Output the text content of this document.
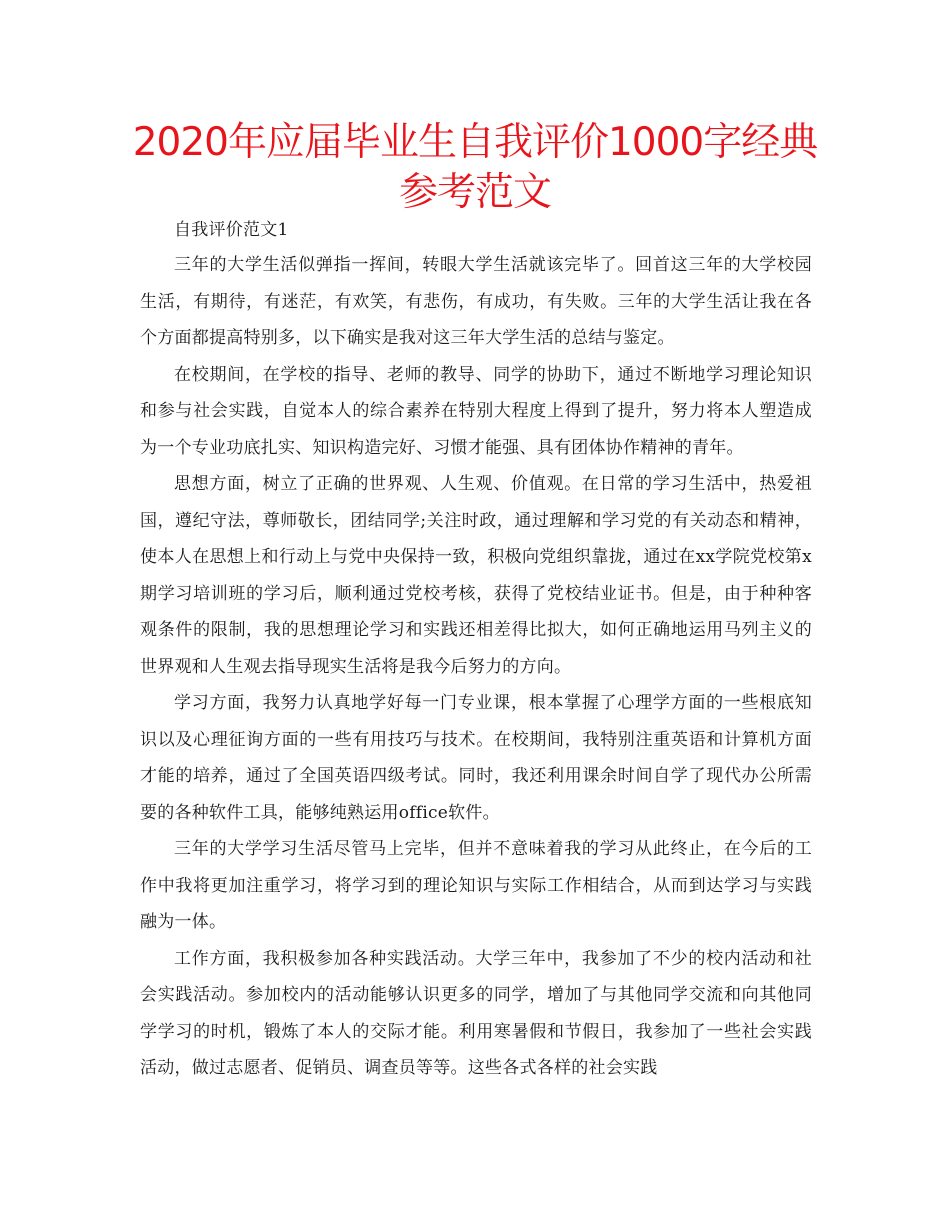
2020年应届毕业生自我评价1000字经典参考范文

自我评价范文1

三年的大学生活似弹指一挥间，转眼大学生活就该完毕了。回首这三年的大学校园生活，有期待，有迷茫，有欢笑，有悲伤，有成功，有失败。三年的大学生活让我在各个方面都提高特别多，以下确实是我对这三年大学生活的总结与鉴定。

在校期间，在学校的指导、老师的教导、同学的协助下，通过不断地学习理论知识和参与社会实践，自觉本人的综合素养在特别大程度上得到了提升，努力将本人塑造成为一个专业功底扎实、知识构造完好、习惯才能强、具有团体协作精神的青年。

思想方面，树立了正确的世界观、人生观、价值观。在日常的学习生活中，热爱祖国，遵纪守法，尊师敬长，团结同学;关注时政，通过理解和学习党的有关动态和精神，使本人在思想上和行动上与党中央保持一致，积极向党组织靠拢，通过在xx学院党校第x期学习培训班的学习后，顺利通过党校考核，获得了党校结业证书。但是，由于种种客观条件的限制，我的思想理论学习和实践还相差得比拟大，如何正确地运用马列主义的世界观和人生观去指导现实生活将是我今后努力的方向。

学习方面，我努力认真地学好每一门专业课，根本掌握了心理学方面的一些根底知识以及心理征询方面的一些有用技巧与技术。在校期间，我特别注重英语和计算机方面才能的培养，通过了全国英语四级考试。同时，我还利用课余时间自学了现代办公所需要的各种软件工具，能够纯熟运用office软件。

三年的大学学习生活尽管马上完毕，但并不意味着我的学习从此终止，在今后的工作中我将更加注重学习，将学习到的理论知识与实际工作相结合，从而到达学习与实践融为一体。

工作方面，我积极参加各种实践活动。大学三年中，我参加了不少的校内活动和社会实践活动。参加校内的活动能够认识更多的同学，增加了与其他同学交流和向其他同学学习的时机，锻炼了本人的交际才能。利用寒暑假和节假日，我参加了一些社会实践活动，做过志愿者、促销员、调查员等等。这些各式各样的社会实践
